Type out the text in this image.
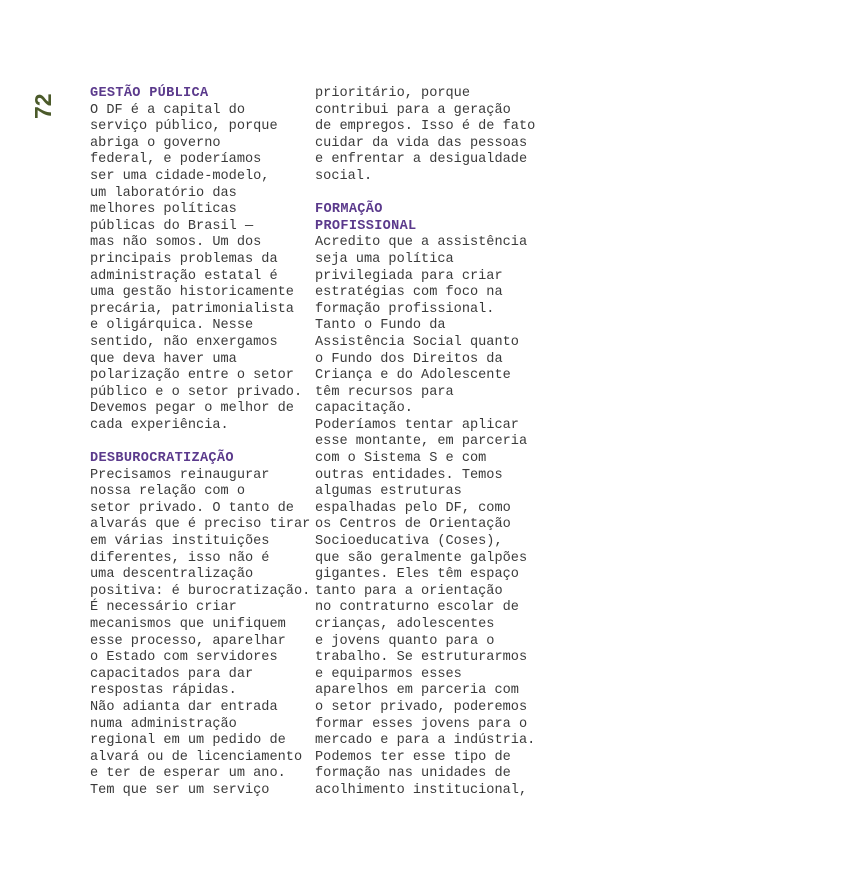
72	GESTÃO PÚBLICA
O DF é a capital do
serviço público, porque
abriga o governo
federal, e poderíamos
ser uma cidade-modelo,
um laboratório das
melhores políticas
públicas do Brasil —
mas não somos. Um dos
principais problemas da
administração estatal é
uma gestão historicamente
precária, patrimonialista
e oligárquica. Nesse
sentido, não enxergamos
que deva haver uma
polarização entre o setor
público e o setor privado.
Devemos pegar o melhor de
cada experiência.
DESBUROCRATIZAÇÃO
Precisamos reinaugurar
nossa relação com o
setor privado. O tanto de
alvarás que é preciso tirar
em várias instituições
diferentes, isso não é
uma descentralização
positiva: é burocratização.
É necessário criar
mecanismos que unifiquem
esse processo, aparelhar
o Estado com servidores
capacitados para dar
respostas rápidas.
Não adianta dar entrada
numa administração
regional em um pedido de
alvará ou de licenciamento
e ter de esperar um ano.
Tem que ser um serviço
prioritário, porque
contribui para a geração
de empregos. Isso é de fato
cuidar da vida das pessoas
e enfrentar a desigualdade
social.
FORMAÇÃO
PROFISSIONAL
Acredito que a assistência
seja uma política
privilegiada para criar
estratégias com foco na
formação profissional.
Tanto o Fundo da
Assistência Social quanto
o Fundo dos Direitos da
Criança e do Adolescente
têm recursos para
capacitação.
Poderíamos tentar aplicar
esse montante, em parceria
com o Sistema S e com
outras entidades. Temos
algumas estruturas
espalhadas pelo DF, como
os Centros de Orientação
Socioeducativa (Coses),
que são geralmente galpões
gigantes. Eles têm espaço
tanto para a orientação
no contraturno escolar de
crianças, adolescentes
e jovens quanto para o
trabalho. Se estruturarmos
e equiparmos esses
aparelhos em parceria com
o setor privado, poderemos
formar esses jovens para o
mercado e para a indústria.
Podemos ter esse tipo de
formação nas unidades de
acolhimento institucional,
